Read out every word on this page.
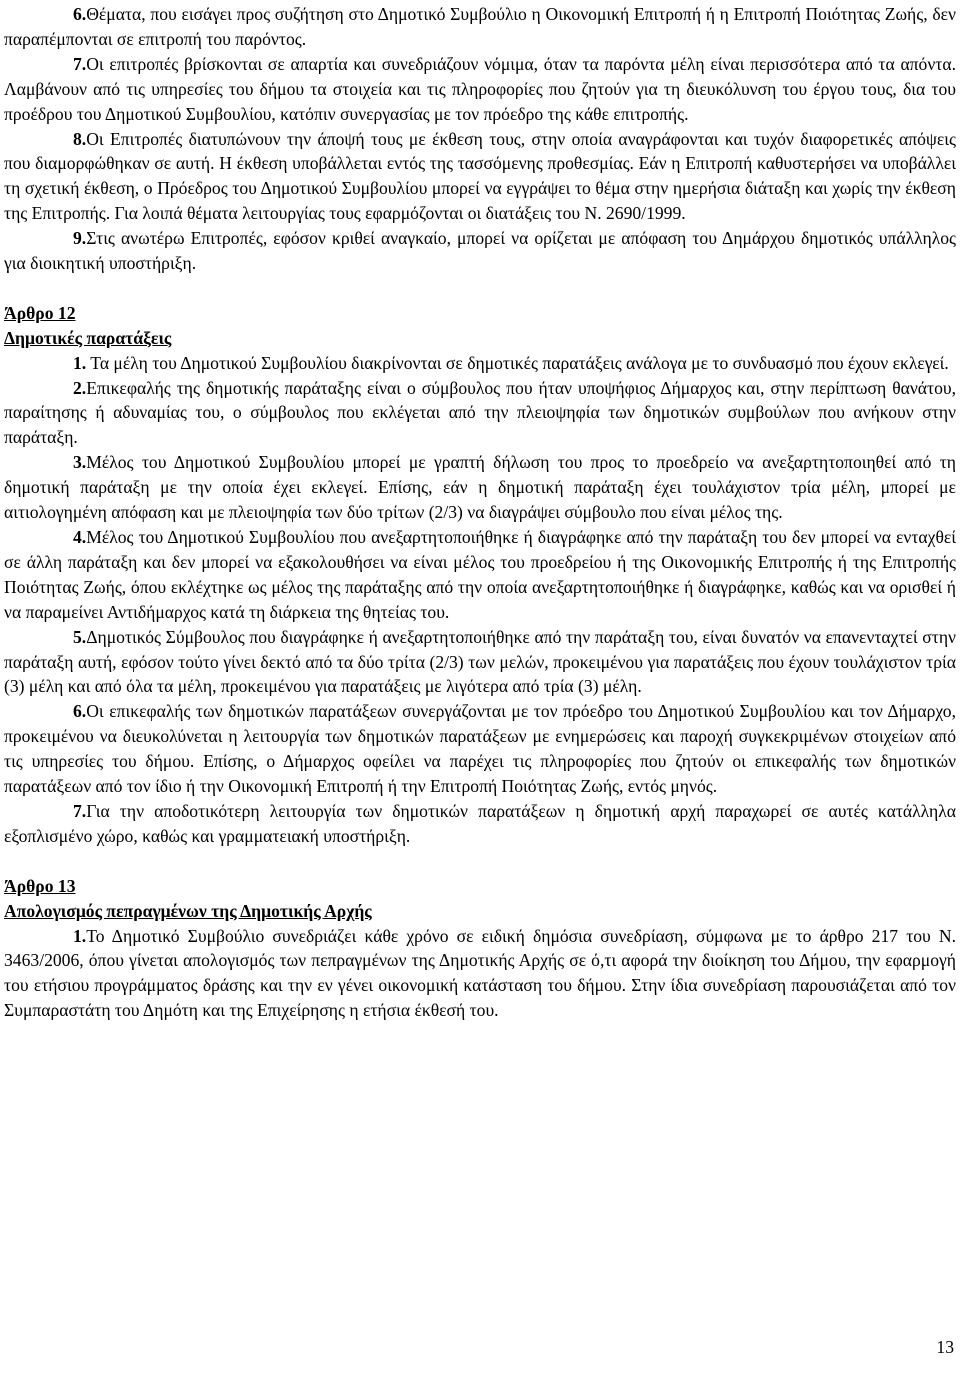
6.Θέματα, που εισάγει προς συζήτηση στο Δημοτικό Συμβούλιο η Οικονομική Επιτροπή ή η Επιτροπή Ποιότητας Ζωής, δεν παραπέμπονται σε επιτροπή του παρόντος.

7.Οι επιτροπές βρίσκονται σε απαρτία και συνεδριάζουν νόμιμα, όταν τα παρόντα μέλη είναι περισσότερα από τα απόντα. Λαμβάνουν από τις υπηρεσίες του δήμου τα στοιχεία και τις πληροφορίες που ζητούν για τη διευκόλυνση του έργου τους, δια του προέδρου του Δημοτικού Συμβουλίου, κατόπιν συνεργασίας με τον πρόεδρο της κάθε επιτροπής.

8.Οι Επιτροπές διατυπώνουν την άποψή τους με έκθεση τους, στην οποία αναγράφονται και τυχόν διαφορετικές απόψεις που διαμορφώθηκαν σε αυτή. Η έκθεση υποβάλλεται εντός της τασσόμενης προθεσμίας. Εάν η Επιτροπή καθυστερήσει να υποβάλλει τη σχετική έκθεση, ο Πρόεδρος του Δημοτικού Συμβουλίου μπορεί να εγγράψει το θέμα στην ημερήσια διάταξη και χωρίς την έκθεση της Επιτροπής. Για λοιπά θέματα λειτουργίας τους εφαρμόζονται οι διατάξεις του Ν. 2690/1999.

9.Στις ανωτέρω Επιτροπές, εφόσον κριθεί αναγκαίο, μπορεί να ορίζεται με απόφαση του Δημάρχου δημοτικός υπάλληλος για διοικητική υποστήριξη.

Άρθρο 12
Δημοτικές παρατάξεις

1. Τα μέλη του Δημοτικού Συμβουλίου διακρίνονται σε δημοτικές παρατάξεις ανάλογα με το συνδυασμό που έχουν εκλεγεί.

2.Επικεφαλής της δημοτικής παράταξης είναι ο σύμβουλος που ήταν υποψήφιος Δήμαρχος και, στην περίπτωση θανάτου, παραίτησης ή αδυναμίας του, ο σύμβουλος που εκλέγεται από την πλειοψηφία των δημοτικών συμβούλων που ανήκουν στην παράταξη.

3.Μέλος του Δημοτικού Συμβουλίου μπορεί με γραπτή δήλωση του προς το προεδρείο να ανεξαρτητοποιηθεί από τη δημοτική παράταξη με την οποία έχει εκλεγεί. Επίσης, εάν η δημοτική παράταξη έχει τουλάχιστον τρία μέλη, μπορεί με αιτιολογημένη απόφαση και με πλειοψηφία των δύο τρίτων (2/3) να διαγράψει σύμβουλο που είναι μέλος της.

4.Μέλος του Δημοτικού Συμβουλίου που ανεξαρτητοποιήθηκε ή διαγράφηκε από την παράταξη του δεν μπορεί να ενταχθεί σε άλλη παράταξη και δεν μπορεί να εξακολουθήσει να είναι μέλος του προεδρείου ή της Οικονομικής Επιτροπής ή της Επιτροπής Ποιότητας Ζωής, όπου εκλέχτηκε ως μέλος της παράταξης από την οποία ανεξαρτητοποιήθηκε ή διαγράφηκε, καθώς και να ορισθεί ή να παραμείνει Αντιδήμαρχος κατά τη διάρκεια της θητείας του.

5.Δημοτικός Σύμβουλος που διαγράφηκε ή ανεξαρτητοποιήθηκε από την παράταξη του, είναι δυνατόν να επανενταχτεί στην παράταξη αυτή, εφόσον τούτο γίνει δεκτό από τα δύο τρίτα (2/3) των μελών, προκειμένου για παρατάξεις που έχουν τουλάχιστον τρία (3) μέλη και από όλα τα μέλη, προκειμένου για παρατάξεις με λιγότερα από τρία (3) μέλη.

6.Οι επικεφαλής των δημοτικών παρατάξεων συνεργάζονται με τον πρόεδρο του Δημοτικού Συμβουλίου και τον Δήμαρχο, προκειμένου να διευκολύνεται η λειτουργία των δημοτικών παρατάξεων με ενημερώσεις και παροχή συγκεκριμένων στοιχείων από τις υπηρεσίες του δήμου. Επίσης, ο Δήμαρχος οφείλει να παρέχει τις πληροφορίες που ζητούν οι επικεφαλής των δημοτικών παρατάξεων από τον ίδιο ή την Οικονομική Επιτροπή ή την Επιτροπή Ποιότητας Ζωής, εντός μηνός.

7.Για την αποδοτικότερη λειτουργία των δημοτικών παρατάξεων η δημοτική αρχή παραχωρεί σε αυτές κατάλληλα εξοπλισμένο χώρο, καθώς και γραμματειακή υποστήριξη.

Άρθρο 13
Απολογισμός πεπραγμένων της Δημοτικής Αρχής

1.Το Δημοτικό Συμβούλιο συνεδριάζει κάθε χρόνο σε ειδική δημόσια συνεδρίαση, σύμφωνα με το άρθρο 217 του Ν. 3463/2006, όπου γίνεται απολογισμός των πεπραγμένων της Δημοτικής Αρχής σε ό,τι αφορά την διοίκηση του Δήμου, την εφαρμογή του ετήσιου προγράμματος δράσης και την εν γένει οικονομική κατάσταση του δήμου. Στην ίδια συνεδρίαση παρουσιάζεται από τον Συμπαραστάτη του Δημότη και της Επιχείρησης η ετήσια έκθεσή του.

13
